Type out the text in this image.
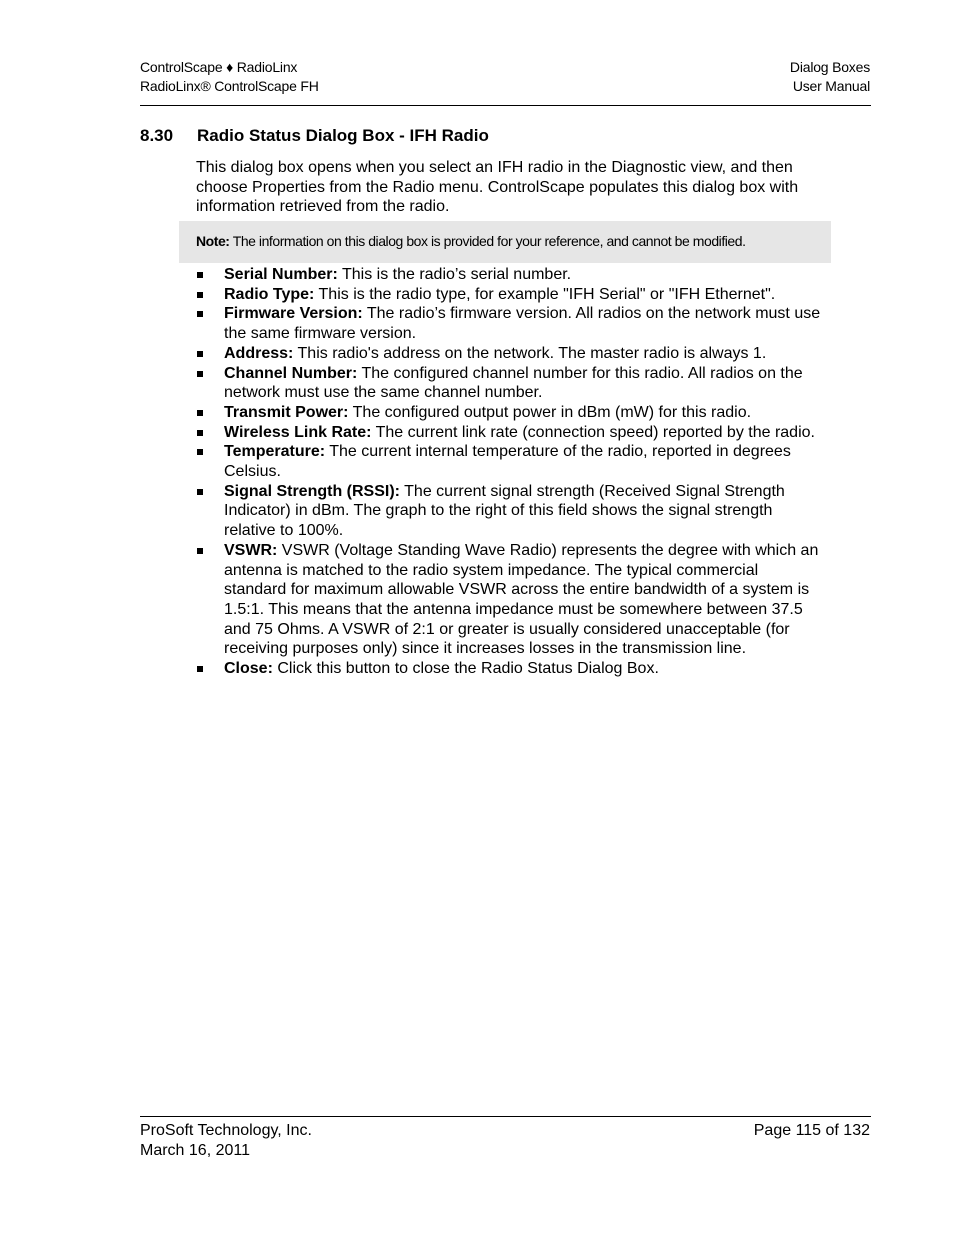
ControlScape ♦ RadioLinx
RadioLinx® ControlScape FH
Dialog Boxes
User Manual
8.30 Radio Status Dialog Box - IFH Radio
This dialog box opens when you select an IFH radio in the Diagnostic view, and then choose Properties from the Radio menu. ControlScape populates this dialog box with information retrieved from the radio.
Note: The information on this dialog box is provided for your reference, and cannot be modified.
Serial Number: This is the radio’s serial number.
Radio Type: This is the radio type, for example "IFH Serial" or "IFH Ethernet".
Firmware Version: The radio’s firmware version. All radios on the network must use the same firmware version.
Address: This radio's address on the network. The master radio is always 1.
Channel Number: The configured channel number for this radio. All radios on the network must use the same channel number.
Transmit Power: The configured output power in dBm (mW) for this radio.
Wireless Link Rate: The current link rate (connection speed) reported by the radio.
Temperature: The current internal temperature of the radio, reported in degrees Celsius.
Signal Strength (RSSI): The current signal strength (Received Signal Strength Indicator) in dBm. The graph to the right of this field shows the signal strength relative to 100%.
VSWR: VSWR (Voltage Standing Wave Radio) represents the degree with which an antenna is matched to the radio system impedance. The typical commercial standard for maximum allowable VSWR across the entire bandwidth of a system is 1.5:1. This means that the antenna impedance must be somewhere between 37.5 and 75 Ohms. A VSWR of 2:1 or greater is usually considered unacceptable (for receiving purposes only) since it increases losses in the transmission line.
Close: Click this button to close the Radio Status Dialog Box.
ProSoft Technology, Inc.
March 16, 2011
Page 115 of 132
